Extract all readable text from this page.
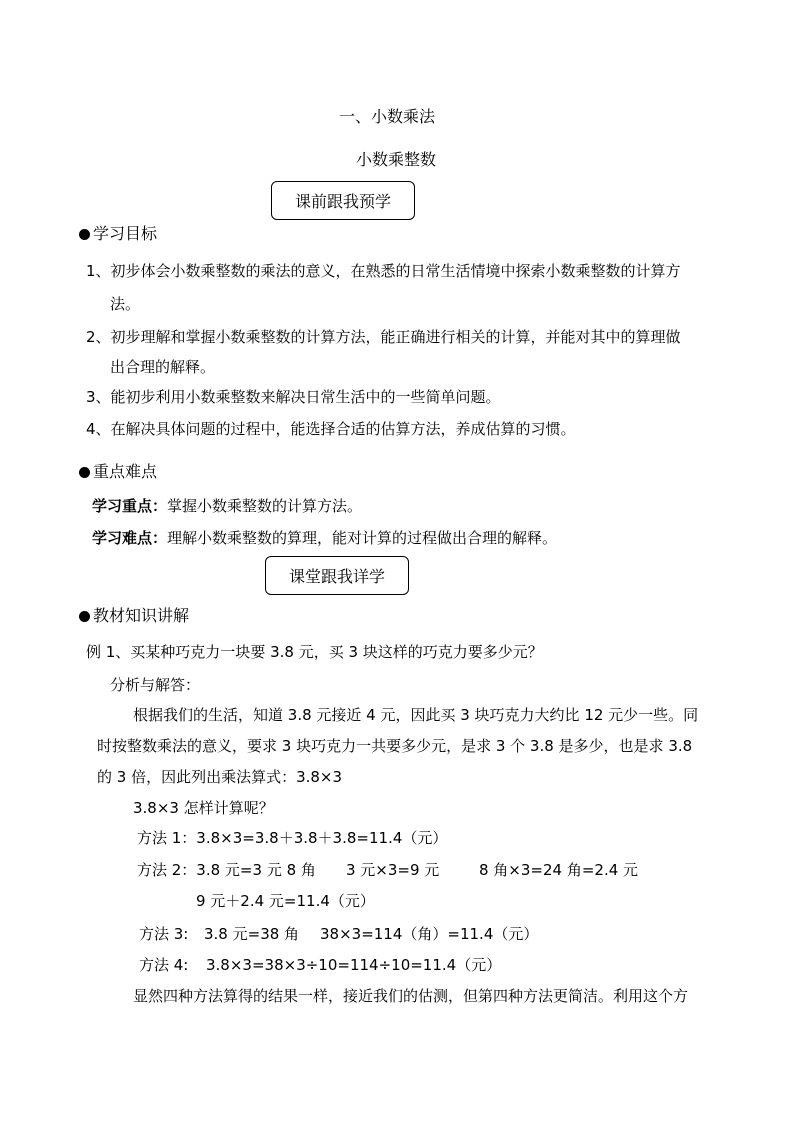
一、小数乘法
小数乘整数
课前跟我预学
学习目标
1、初步体会小数乘整数的乘法的意义，在熟悉的日常生活情境中探索小数乘整数的计算方
法。
2、初步理解和掌握小数乘整数的计算方法，能正确进行相关的计算，并能对其中的算理做
出合理的解释。
3、能初步利用小数乘整数来解决日常生活中的一些简单问题。
4、在解决具体问题的过程中，能选择合适的估算方法，养成估算的习惯。
重点难点
学习重点：掌握小数乘整数的计算方法。
学习难点：理解小数乘整数的算理，能对计算的过程做出合理的解释。
课堂跟我详学
教材知识讲解
例 1、买某种巧克力一块要 3.8 元，买 3 块这样的巧克力要多少元？
分析与解答：
根据我们的生活，知道 3.8 元接近 4 元，因此买 3 块巧克力大约比 12 元少一些。同
时按整数乘法的意义，要求 3 块巧克力一共要多少元，是求 3 个 3.8 是多少，也是求 3.8
的 3 倍，因此列出乘法算式：3.8×3
3.8×3 怎样计算呢？
方法 1：3.8×3=3.8＋3.8＋3.8=11.4（元）
方法 2：3.8 元=3 元 8 角 3 元×3=9 元	8 角×3=24 角=2.4 元
9 元＋2.4 元=11.4（元）
方法 3: 3.8 元=38 角 38×3=114（角）=11.4（元）
方法 4: 3.8×3=38×3÷10=114÷10=11.4（元）
显然四种方法算得的结果一样，接近我们的估测，但第四种方法更简洁。利用这个方
